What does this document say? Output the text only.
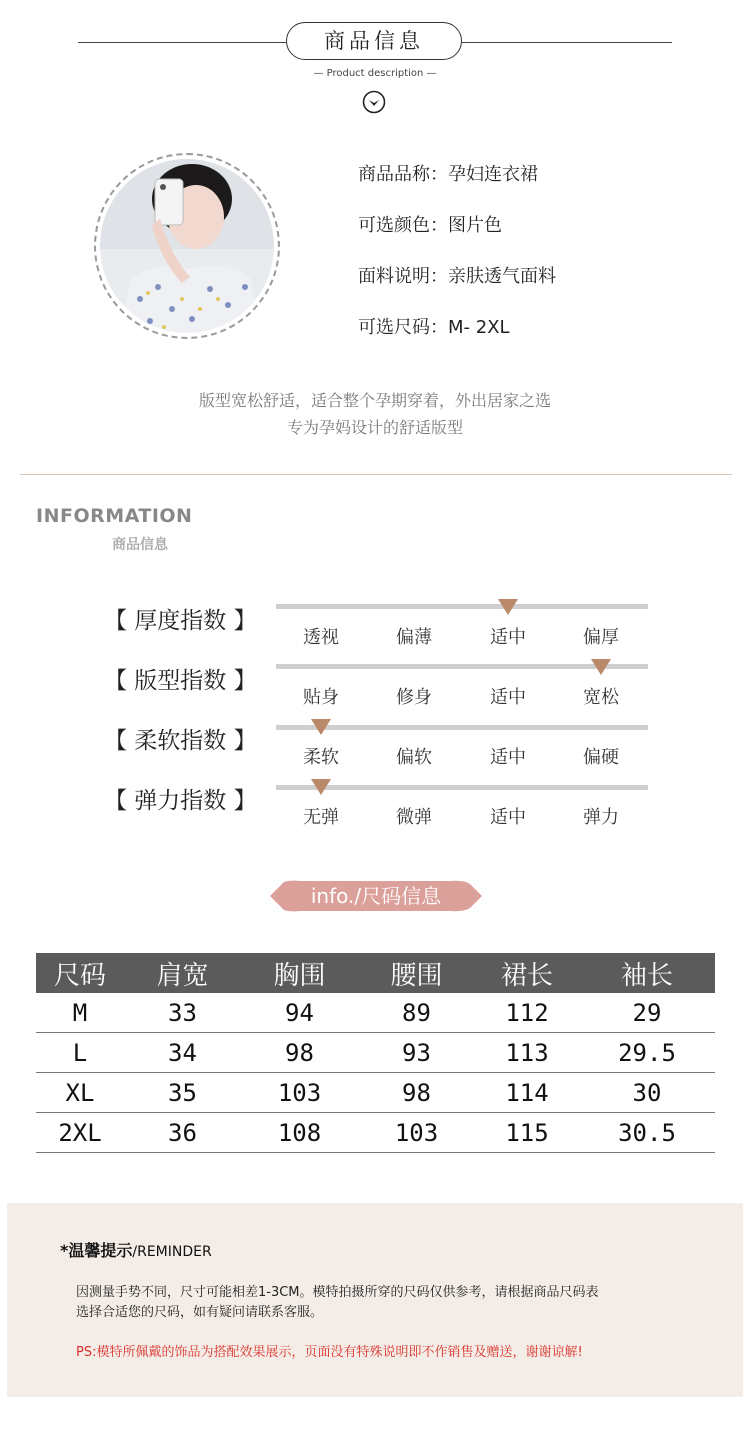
商品信息
— Product description —
商品品称：孕妇连衣裙
可选颜色：图片色
面料说明：亲肤透气面料
可选尺码：M- 2XL
版型宽松舒适，适合整个孕期穿着，外出居家之选
专为孕妈设计的舒适版型
INFORMATION
商品信息
【 厚度指数 】
透视	偏薄	适中	偏厚
【 版型指数 】
贴身	修身	适中	宽松
【 柔软指数 】
柔软	偏软	适中	偏硬
【 弹力指数 】
无弹	微弹	适中	弹力
info./尺码信息
尺码	肩宽	胸围	腰围	裙长	袖长
M	33	94	89	112	29
L	34	98	93	113	29.5
XL	35	103	98	114	30
2XL	36	108	103	115	30.5
*温馨提示/REMINDER
因测量手势不同，尺寸可能相差1-3CM。模特拍摄所穿的尺码仅供参考，请根据商品尺码表
选择合适您的尺码，如有疑问请联系客服。
PS:模特所佩戴的饰品为搭配效果展示，页面没有特殊说明即不作销售及赠送，谢谢谅解!
